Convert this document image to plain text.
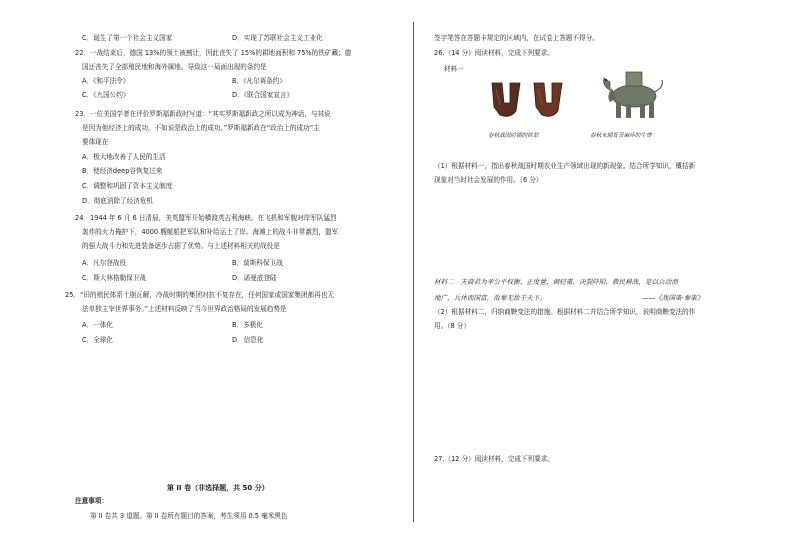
C．诞生了第一个社会主义国家	D．实现了苏联社会主义工业化
22．一战结束后，德国 13%的领土被割让，因此丧失了 15%的耕地面积和 75%的铁矿藏；德
国还丧失了全部殖民地和海外属地。导致这一局面出现的条约是
A．《和平法令》	B．《凡尔赛条约》
C．《九国公约》	D．《联合国家宣言》
23．一位美国学者在评价罗斯福新政时写道：“其实罗斯福新政之所以成为神话，与其说
是因为他经济上的成功，不如说是政治上的成功。”罗斯福新政在“政治上的成功”主
要体现在
A．极大地改善了人民的生活
B．使经济deep谷恢复过来
C．调整和巩固了资本主义制度
D．彻底消除了经济危机
24．1944 年 6 月 6 日清晨，美英盟军开始横渡英吉利海峡。在飞机和军舰对岸军队猛烈
轰炸的火力掩护下，4000 艘艇船把军队和补给运上了岸。海滩上的战斗非常激烈，盟军
的强大战斗力和先进装备逐步占据了优势。与上述材料相关的战役是
A．凡尔登战役	B．莫斯科保卫战
C．斯大林格勒保卫战	D．诺曼底登陆
25．“旧的殖民体系土崩瓦解，冷战时期的集团对抗不复存在，任何国家或国家集团都再也无
法单独主宰世界事务。”上述材料反映了当今世界政治格局的发展趋势是
A．一体化	B．多极化
C．全球化	D．信息化
第 II 卷（非选择题，共 50 分）
注意事项：
第 II 卷共 3 道题。第 II 卷所有题目的答案，考生须用 0.5 毫米黑色
签字笔答在答题卡规定的区域内，在试卷上答题不得分。
26.（14 分）阅读材料，完成下列要求。
材料一
春秋战国时期的铁犁	春秋末期背青麻环的牛尊
（1）根据材料一，指出春秋战国时期农业生产领域出现的新现象。结合所学知识，概括新
现象对当时社会发展的作用。（6 分）
材料二　夫商君为孝公平权衡、正度量、调轻重，决裂阡陌，教民耕战，是以兵动而
地广，兵休而国富，故秦无敌于天下。	——《战国策·秦策》
（2）根据材料二，归纳商鞅变法的措施。根据材料二并结合所学知识，说明商鞅变法的作
用。（8 分）
27.（12 分）阅读材料，完成下列要求。
